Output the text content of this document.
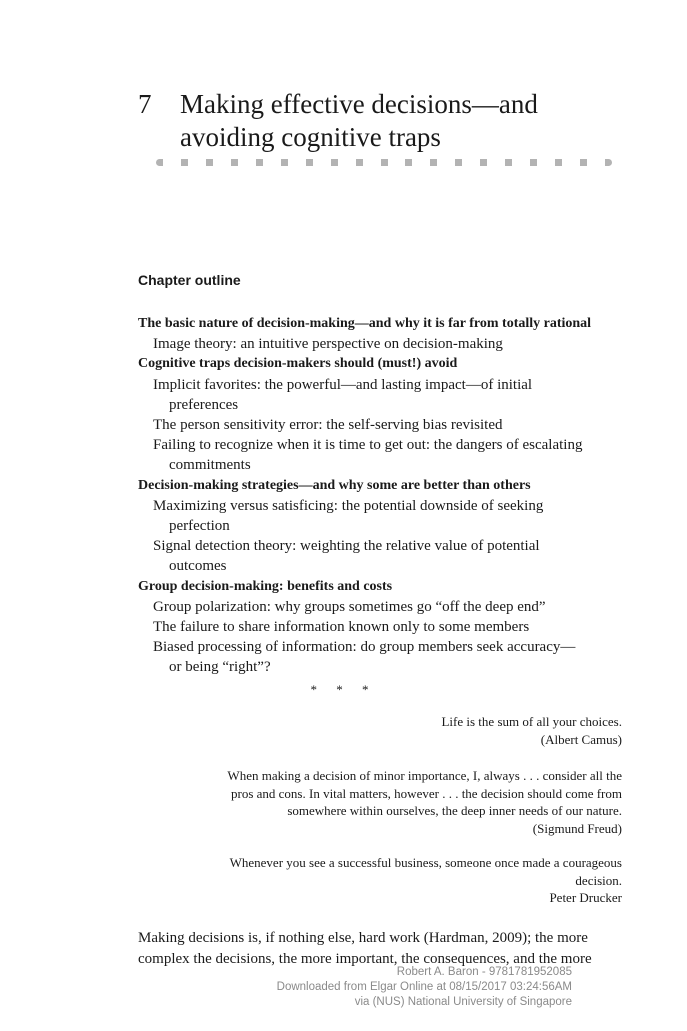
7 Making effective decisions—and
avoiding cognitive traps
Chapter outline
The basic nature of decision-making—and why it is far from totally rational
Image theory: an intuitive perspective on decision-making
Cognitive traps decision-makers should (must!) avoid
Implicit favorites: the powerful—and lasting impact—of initial
preferences
The person sensitivity error: the self-serving bias revisited
Failing to recognize when it is time to get out: the dangers of escalating
commitments
Decision-making strategies—and why some are better than others
Maximizing versus satisficing: the potential downside of seeking
perfection
Signal detection theory: weighting the relative value of potential
outcomes
Group decision-making: benefits and costs
Group polarization: why groups sometimes go “off the deep end”
The failure to share information known only to some members
Biased processing of information: do group members seek accuracy—
or being “right”?
* * *
Life is the sum of all your choices.
(Albert Camus)
When making a decision of minor importance, I, always . . . consider all the
pros and cons. In vital matters, however . . . the decision should come from
somewhere within ourselves, the deep inner needs of our nature.
(Sigmund Freud)
Whenever you see a successful business, someone once made a courageous
decision.
Peter Drucker
Making decisions is, if nothing else, hard work (Hardman, 2009); the more
complex the decisions, the more important, the consequences, and the more
Robert A. Baron - 9781781952085
Downloaded from Elgar Online at 08/15/2017 03:24:56AM
via (NUS) National University of Singapore
